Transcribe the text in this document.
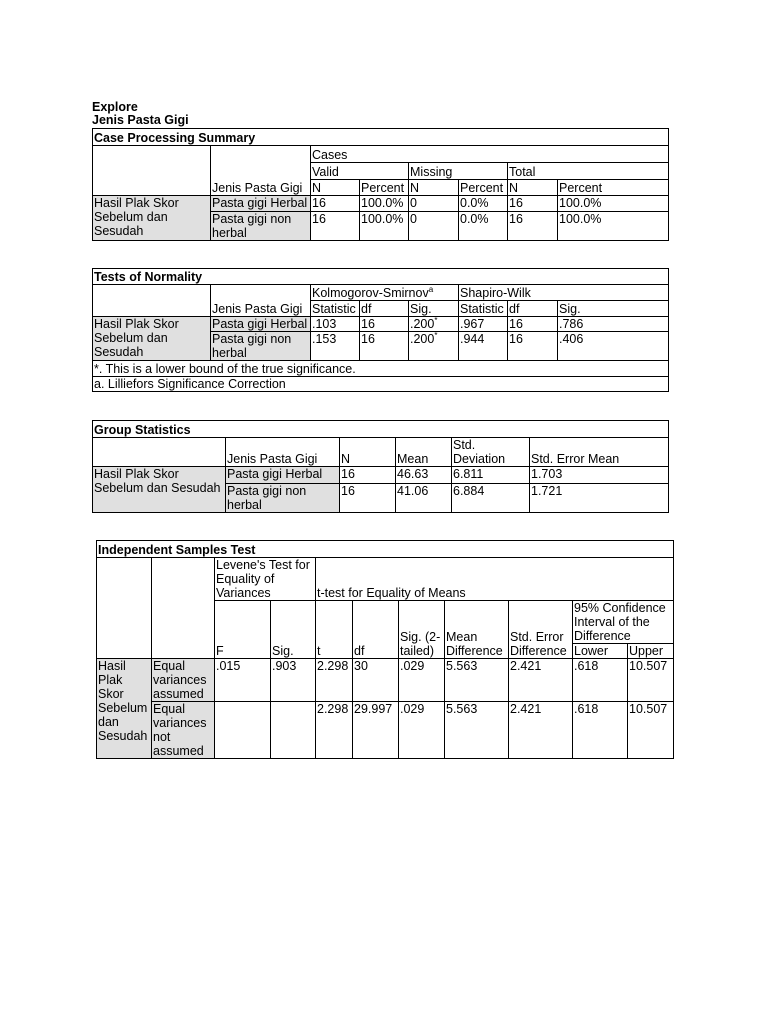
Explore
Jenis Pasta Gigi
Case Processing Summary							
	Jenis Pasta Gigi	Cases					
		Valid		Missing		Total	
		N	Percent	N	Percent	N	Percent
Hasil Plak Skor Sebelum dan Sesudah	Pasta gigi Herbal	16	100.0%	0	0.0%	16	100.0%
	Pasta gigi non herbal	16	100.0%	0	0.0%	16	100.0%
Tests of Normality							
	Jenis Pasta Gigi	Kolmogorov-Smirnov$^a$			Shapiro-Wilk		
		Statistic	df	Sig.	Statistic	df	Sig.
Hasil Plak Skor Sebelum dan Sesudah	Pasta gigi Herbal	.103	16	.200*	.967	16	.786
	Pasta gigi non herbal	.153	16	.200*	.944	16	.406
*. This is a lower bound of the true significance.							
a. Lilliefors Significance Correction							
Group Statistics					
	Jenis Pasta Gigi	N	Mean	Std. Deviation	Std. Error Mean
Hasil Plak Skor Sebelum dan Sesudah	Pasta gigi Herbal	16	46.63	6.811	1.703
	Pasta gigi non herbal	16	41.06	6.884	1.721
Independent Samples Test										
		Levene's Test for Equality of Variances		t-test for Equality of Means						
		F	Sig.	t	df	Sig. (2-tailed)	Mean Difference	Std. Error Difference	95% Confidence Interval of the Difference	
									Lower	Upper
Hasil Plak Skor Sebelum dan Sesudah	Equal variances assumed	.015	.903	2.298	30	.029	5.563	2.421	.618	10.507
	Equal variances not assumed			2.298	29.997	.029	5.563	2.421	.618	10.507
